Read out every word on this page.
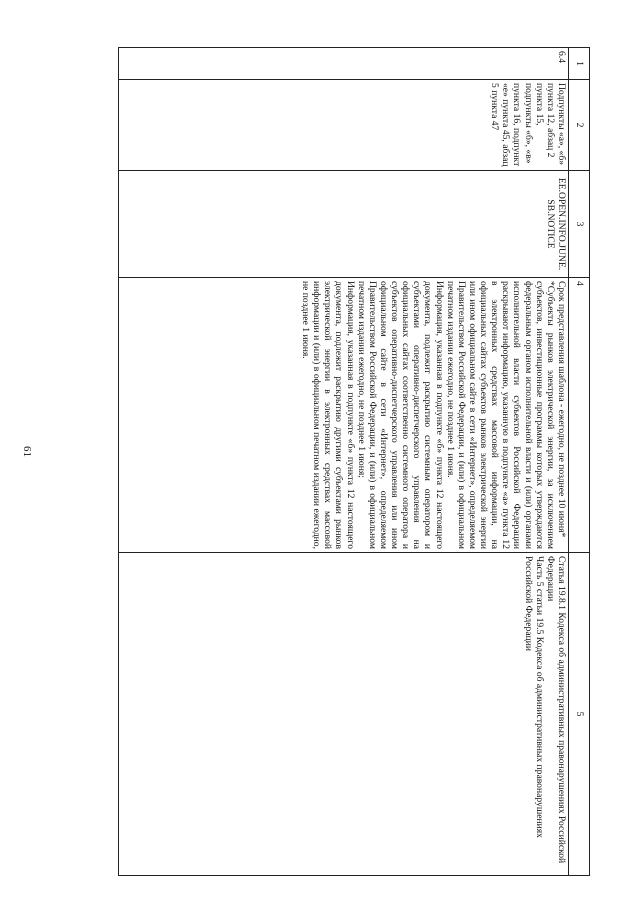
61
1	2	3	4	5
6.4	Подпункты «а», «б» пункта 12, абзац 2 пункта 15, подпункты «б», «в» пункта 16, подпункт «е» пункта 45, абзац 5 пункта 47	EE.OPEN.INFO.JUNE. SB.NOTICE	Срок представления шаблона - ежегодно, не позднее 10 июня*
*Субъекты рынков электрической энергии, за исключением субъектов, инвестиционные программы которых утверждаются федеральным органом исполнительной власти и (или) органами исполнительной власти субъектов Российской Федерации раскрывают информацию, указанную в подпункте «а» пункта 12 в электронных средствах массовой информации, на официальных сайтах субъектов рынков электрической энергии или ином официальном сайте в сети «Интернет», определяемом Правительством Российской Федерации, и (или) в официальном печатном издании ежегодно, не позднее 1 июня.
Информация, указанная в подпункте «б» пункта 12 настоящего документа, подлежит раскрытию системным оператором и субъектами оперативно-диспетчерского управления на официальных сайтах соответственно системного оператора и субъектов оперативно-диспетчерского управления или ином официальном сайте в сети «Интернет», определяемом Правительством Российской Федерации, и (или) в официальном печатном издании ежегодно, не позднее 1 июня;
Информация, указанная в подпункте «б» пункта 12 настоящего документа, подлежит раскрытию другими субъектами рынков электрической энергии в электронных средствах массовой информации и (или) в официальном печатном издании ежегодно, не позднее 1 июня.	Статья 19.8.1 Кодекса об административных правонарушениях Российской Федерации
Часть 5 статьи 19.5 Кодекса об административных правонарушениях Российской Федерации
